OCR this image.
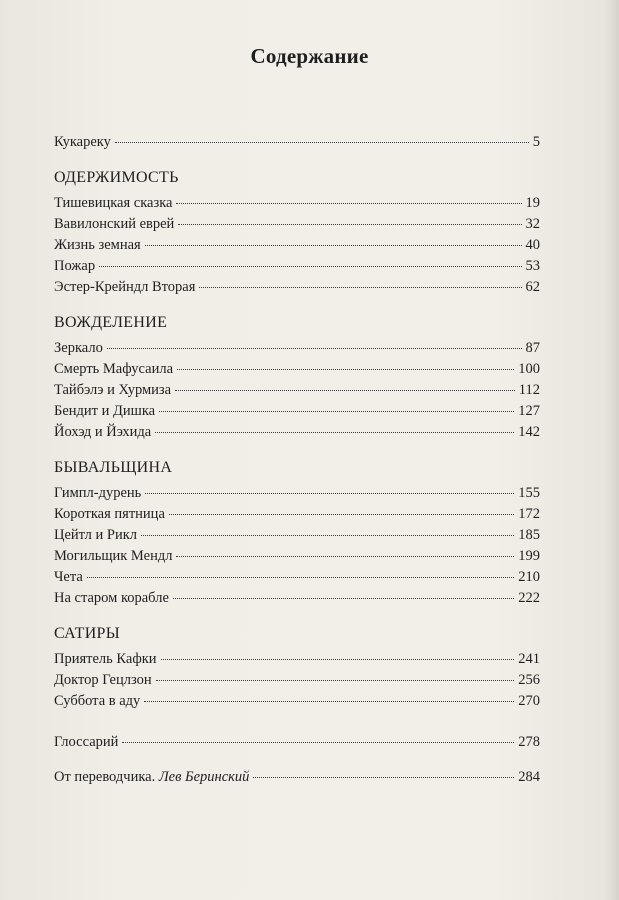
Содержание
Кукареку	5
ОДЕРЖИМОСТЬ
Тишевицкая сказка	19
Вавилонский еврей	32
Жизнь земная	40
Пожар	53
Эстер-Крейндл Вторая	62
ВОЖДЕЛЕНИЕ
Зеркало	87
Смерть Мафусаила	100
Тайбэлэ и Хурмиза	112
Бендит и Дишка	127
Йохэд и Йэхида	142
БЫВАЛЬЩИНА
Гимпл-дурень	155
Короткая пятница	172
Цейтл и Рикл	185
Могильщик Мендл	199
Чета	210
На старом корабле	222
САТИРЫ
Приятель Кафки	241
Доктор Гецлзон	256
Суббота в аду	270
Глоссарий	278
От переводчика. Лев Беринский	284
